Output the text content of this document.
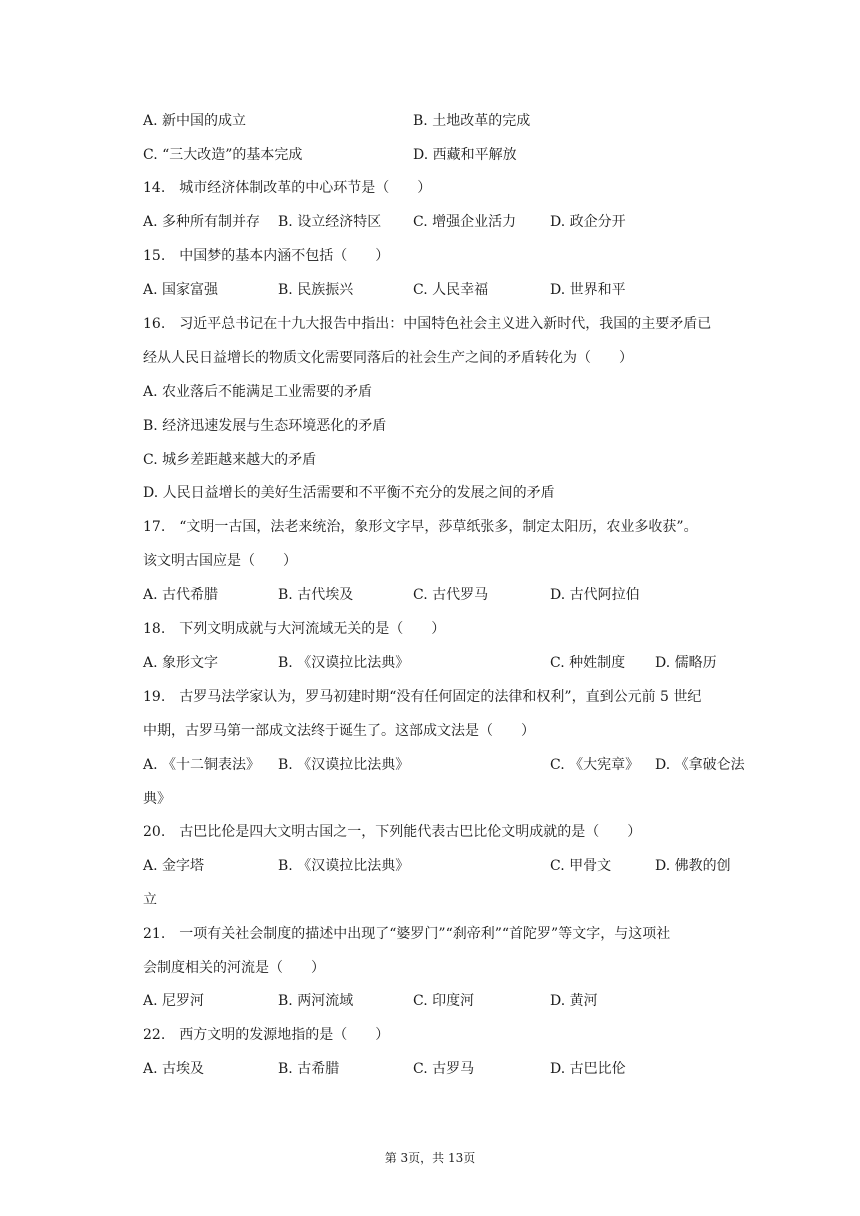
A. 新中国的成立	B. 土地改革的完成
C. “三大改造”的基本完成	D. 西藏和平解放
14.　城市经济体制改革的中心环节是（　　）
A. 多种所有制并存 B. 设立经济特区 C. 增强企业活力 D. 政企分开
15.　中国梦的基本内涵不包括（　　）
A. 国家富强	B. 民族振兴	C. 人民幸福	D. 世界和平
16.　习近平总书记在十九大报告中指出：中国特色社会主义进入新时代，我国的主要矛盾已
经从人民日益增长的物质文化需要同落后的社会生产之间的矛盾转化为（　　）
A. 农业落后不能满足工业需要的矛盾
B. 经济迅速发展与生态环境恶化的矛盾
C. 城乡差距越来越大的矛盾
D. 人民日益增长的美好生活需要和不平衡不充分的发展之间的矛盾
17.　“文明一古国，法老来统治，象形文字早，莎草纸张多，制定太阳历，农业多收获”。
该文明古国应是（　　）
A. 古代希腊	B. 古代埃及	C. 古代罗马	D. 古代阿拉伯
18.　下列文明成就与大河流域无关的是（　　）
A. 象形文字	B. 《汉谟拉比法典》	C. 种姓制度 D. 儒略历
19.　古罗马法学家认为，罗马初建时期“没有任何固定的法律和权利”，直到公元前 5 世纪
中期，古罗马第一部成文法终于诞生了。这部成文法是（　　）
A. 《十二铜表法》 B. 《汉谟拉比法典》	C. 《大宪章》 D. 《拿破仑法
典》
20.　古巴比伦是四大文明古国之一，下列能代表古巴比伦文明成就的是（　　）
A. 金字塔	B. 《汉谟拉比法典》	C. 甲骨文	D. 佛教的创
立
21.　一项有关社会制度的描述中出现了“婆罗门”“刹帝利”“首陀罗”等文字，与这项社
会制度相关的河流是（　　）
A. 尼罗河	B. 两河流域	C. 印度河	D. 黄河
22.　西方文明的发源地指的是（　　）
A. 古埃及	B. 古希腊	C. 古罗马	D. 古巴比伦
第 3页，共 13页
